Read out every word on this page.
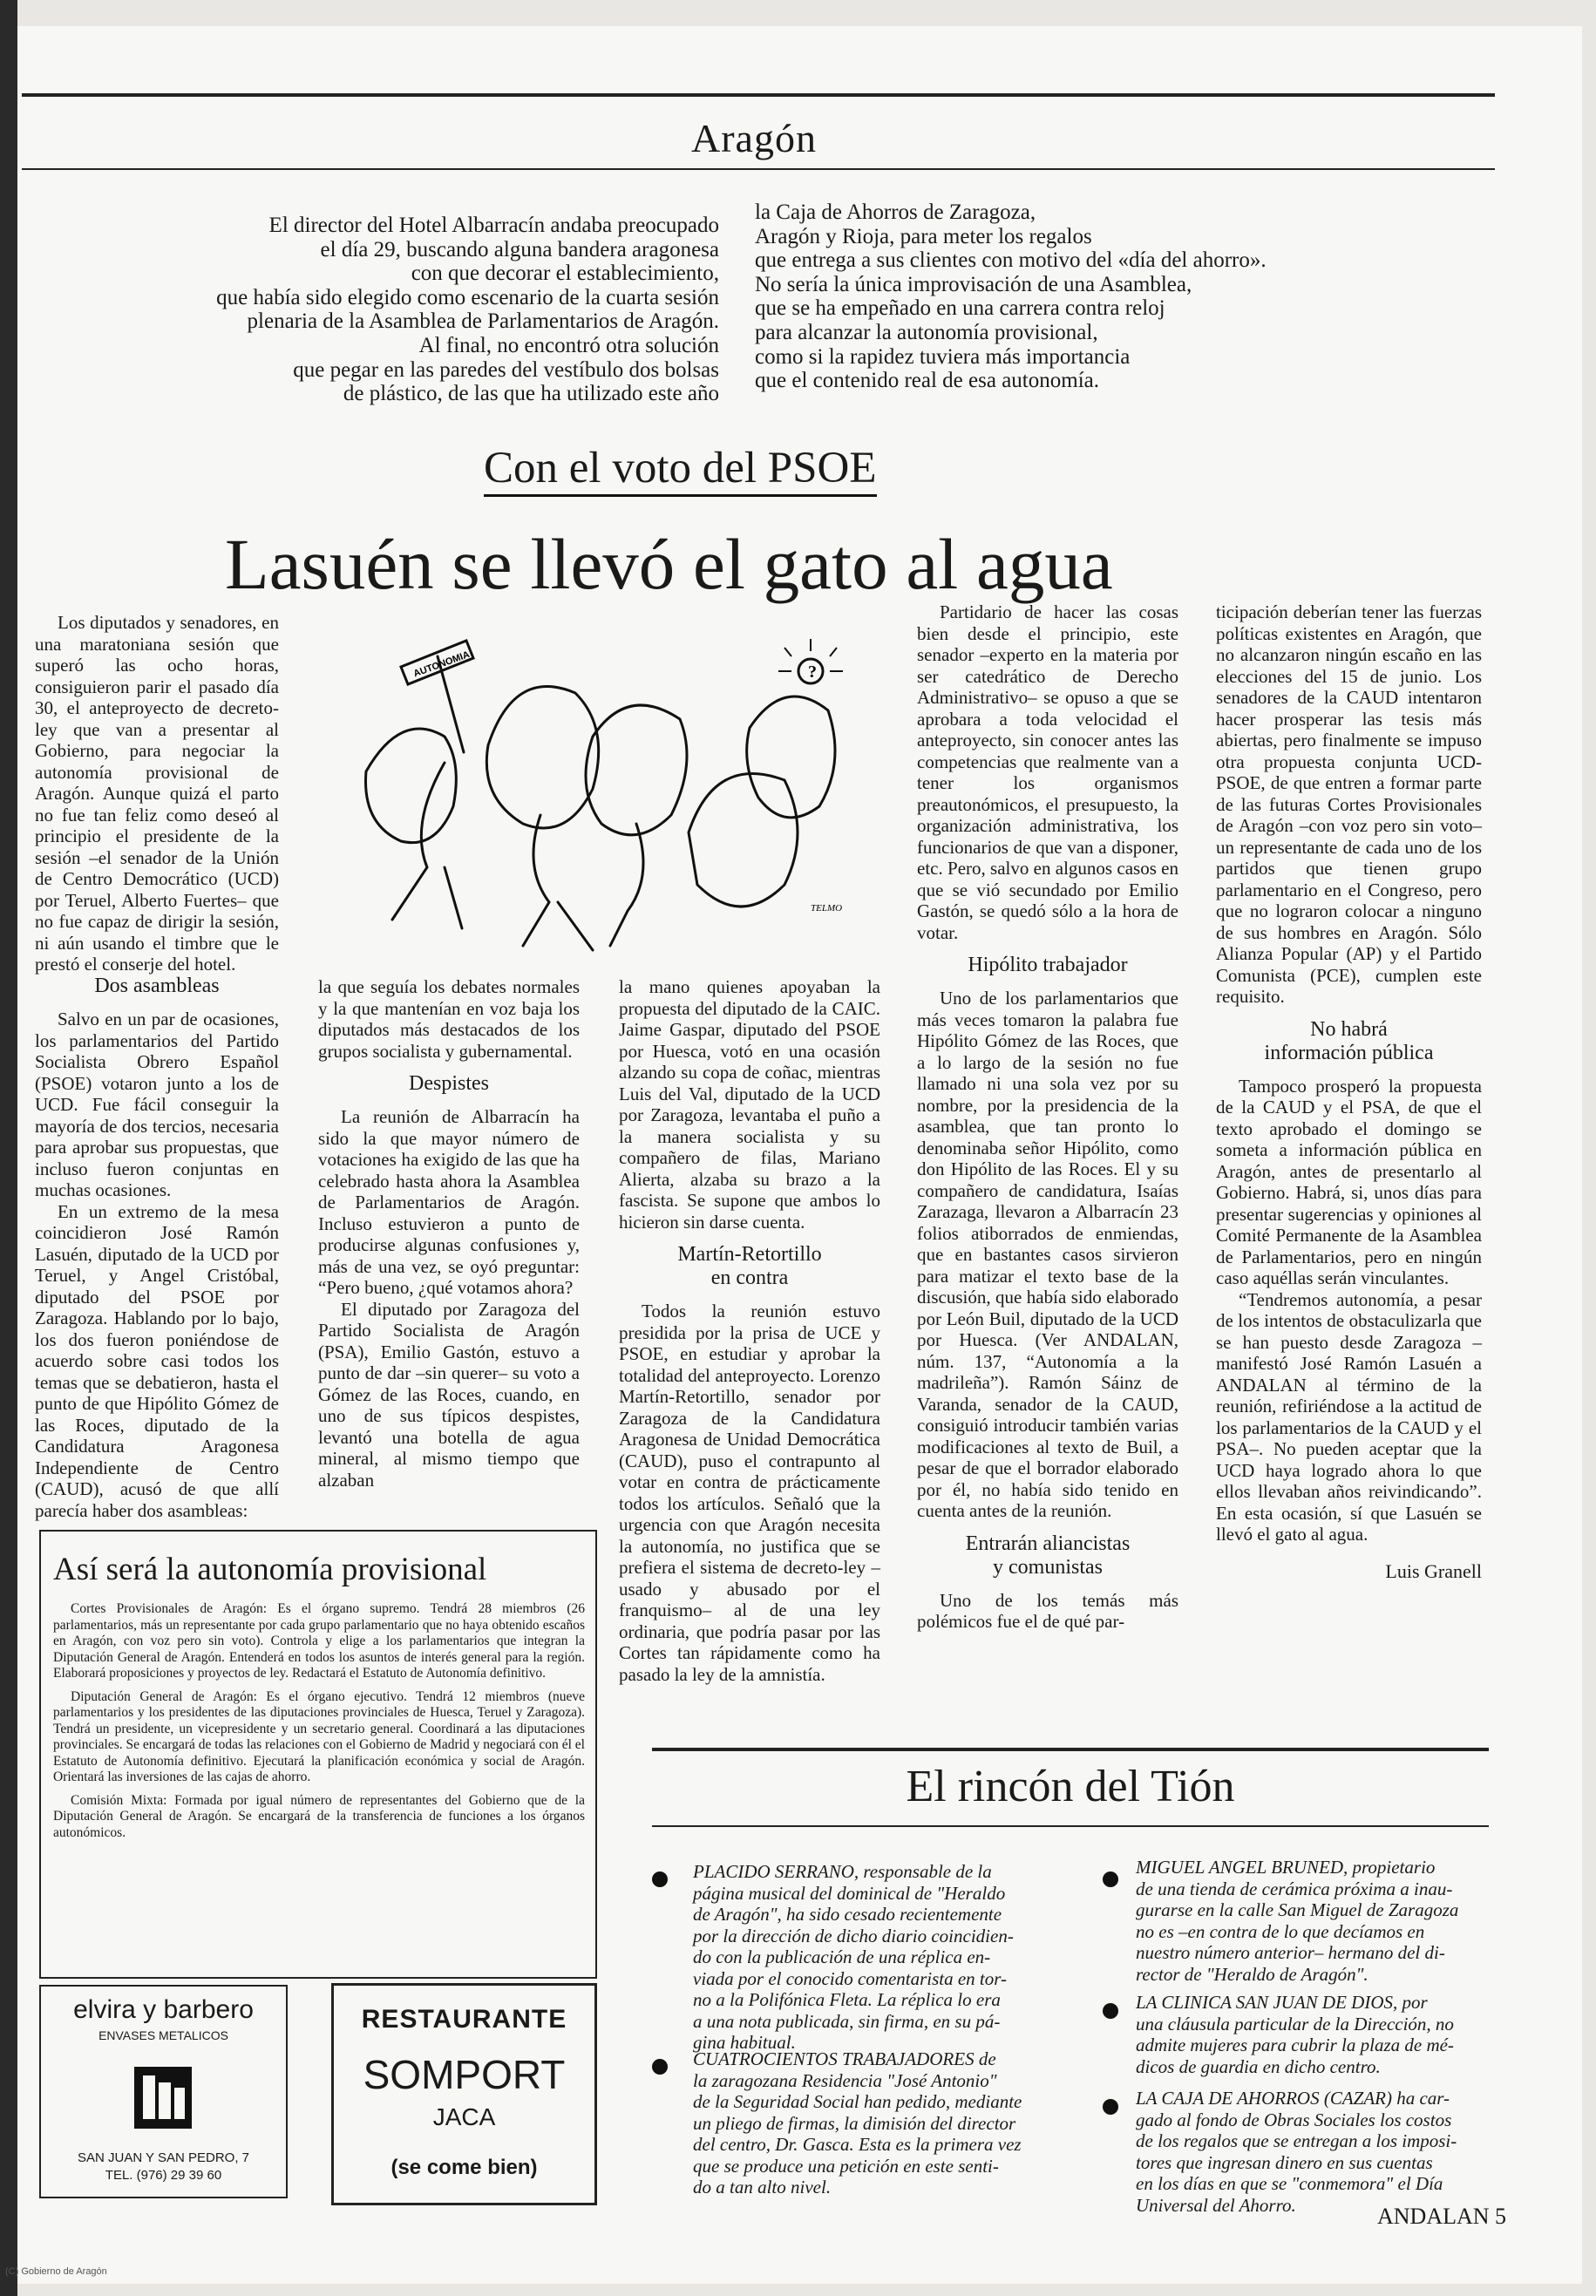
Aragón
El director del Hotel Albarracín andaba preocupado
el día 29, buscando alguna bandera aragonesa
con que decorar el establecimiento,
que había sido elegido como escenario de la cuarta sesión
plenaria de la Asamblea de Parlamentarios de Aragón.
Al final, no encontró otra solución
que pegar en las paredes del vestíbulo dos bolsas
de plástico, de las que ha utilizado este año
la Caja de Ahorros de Zaragoza,
Aragón y Rioja, para meter los regalos
que entrega a sus clientes con motivo del «día del ahorro».
No sería la única improvisación de una Asamblea,
que se ha empeñado en una carrera contra reloj
para alcanzar la autonomía provisional,
como si la rapidez tuviera más importancia
que el contenido real de esa autonomía.
Con el voto del PSOE
Lasuén se llevó el gato al agua

Los diputados y senadores, en una maratoniana sesión que superó las ocho horas, consiguieron parir el pasado día 30, el anteproyecto de decreto-ley que van a presentar al Gobierno, para negociar la autonomía provisional de Aragón. Aunque quizá el parto no fue tan feliz como deseó al principio el presidente de la sesión –el senador de la Unión de Centro Democrático (UCD) por Teruel, Alberto Fuertes– que no fue capaz de dirigir la sesión, ni aún usando el timbre que le prestó el conserje del hotel.

?
AUTONOMIA
TELMO
Dos asambleas

Salvo en un par de ocasiones, los parlamentarios del Partido Socialista Obrero Español (PSOE) votaron junto a los de UCD. Fue fácil conseguir la mayoría de dos tercios, necesaria para aprobar sus propuestas, que incluso fueron conjuntas en muchas ocasiones.

En un extremo de la mesa coincidieron José Ramón Lasuén, diputado de la UCD por Teruel, y Angel Cristóbal, diputado del PSOE por Zaragoza. Hablando por lo bajo, los dos fueron poniéndose de acuerdo sobre casi todos los temas que se debatieron, hasta el punto de que Hipólito Gómez de las Roces, diputado de la Candidatura Aragonesa Independiente de Centro (CAUD), acusó de que allí parecía haber dos asambleas:

la que seguía los debates normales y la que mantenían en voz baja los diputados más destacados de los grupos socialista y gubernamental.

Despistes

La reunión de Albarracín ha sido la que mayor número de votaciones ha exigido de las que ha celebrado hasta ahora la Asamblea de Parlamentarios de Aragón. Incluso estuvieron a punto de producirse algunas confusiones y, más de una vez, se oyó preguntar: “Pero bueno, ¿qué votamos ahora?

El diputado por Zaragoza del Partido Socialista de Aragón (PSA), Emilio Gastón, estuvo a punto de dar –sin querer– su voto a Gómez de las Roces, cuando, en uno de sus típicos despistes, levantó una botella de agua mineral, al mismo tiempo que alzaban

la mano quienes apoyaban la propuesta del diputado de la CAIC. Jaime Gaspar, diputado del PSOE por Huesca, votó en una ocasión alzando su copa de coñac, mientras Luis del Val, diputado de la UCD por Zaragoza, levantaba el puño a la manera socialista y su compañero de filas, Mariano Alierta, alzaba su brazo a la fascista. Se supone que ambos lo hicieron sin darse cuenta.

Martín-Retortillo
en contra

Todos la reunión estuvo presidida por la prisa de UCE y PSOE, en estudiar y aprobar la totalidad del anteproyecto. Lorenzo Martín-Retortillo, senador por Zaragoza de la Candidatura Aragonesa de Unidad Democrática (CAUD), puso el contrapunto al votar en contra de prácticamente todos los artículos. Señaló que la urgencia con que Aragón necesita la autonomía, no justifica que se prefiera el sistema de decreto-ley –usado y abusado por el franquismo– al de una ley ordinaria, que podría pasar por las Cortes tan rápidamente como ha pasado la ley de la amnistía.

Partidario de hacer las cosas bien desde el principio, este senador –experto en la materia por ser catedrático de Derecho Administrativo– se opuso a que se aprobara a toda velocidad el anteproyecto, sin conocer antes las competencias que realmente van a tener los organismos preautonómicos, el presupuesto, la organización administrativa, los funcionarios de que van a disponer, etc. Pero, salvo en algunos casos en que se vió secundado por Emilio Gastón, se quedó sólo a la hora de votar.

Hipólito trabajador

Uno de los parlamentarios que más veces tomaron la palabra fue Hipólito Gómez de las Roces, que a lo largo de la sesión no fue llamado ni una sola vez por su nombre, por la presidencia de la asamblea, que tan pronto lo denominaba señor Hipólito, como don Hipólito de las Roces. El y su compañero de candidatura, Isaías Zarazaga, llevaron a Albarracín 23 folios atiborrados de enmiendas, que en bastantes casos sirvieron para matizar el texto base de la discusión, que había sido elaborado por León Buil, diputado de la UCD por Huesca. (Ver ANDALAN, núm. 137, “Autonomía a la madrileña”). Ramón Sáinz de Varanda, senador de la CAUD, consiguió introducir también varias modificaciones al texto de Buil, a pesar de que el borrador elaborado por él, no había sido tenido en cuenta antes de la reunión.

Entrarán aliancistas
y comunistas

Uno de los temás más polémicos fue el de qué par-

ticipación deberían tener las fuerzas políticas existentes en Aragón, que no alcanzaron ningún escaño en las elecciones del 15 de junio. Los senadores de la CAUD intentaron hacer prosperar las tesis más abiertas, pero finalmente se impuso otra propuesta conjunta UCD-PSOE, de que entren a formar parte de las futuras Cortes Provisionales de Aragón –con voz pero sin voto– un representante de cada uno de los partidos que tienen grupo parlamentario en el Congreso, pero que no lograron colocar a ninguno de sus hombres en Aragón. Sólo Alianza Popular (AP) y el Partido Comunista (PCE), cumplen este requisito.

No habrá
información pública

Tampoco prosperó la propuesta de la CAUD y el PSA, de que el texto aprobado el domingo se someta a información pública en Aragón, antes de presentarlo al Gobierno. Habrá, si, unos días para presentar sugerencias y opiniones al Comité Permanente de la Asamblea de Parlamentarios, pero en ningún caso aquéllas serán vinculantes.

“Tendremos autonomía, a pesar de los intentos de obstaculizarla que se han puesto desde Zaragoza –manifestó José Ramón Lasuén a ANDALAN al término de la reunión, refiriéndose a la actitud de los parlamentarios de la CAUD y el PSA–. No pueden aceptar que la UCD haya logrado ahora lo que ellos llevaban años reivindicando”. En esta ocasión, sí que Lasuén se llevó el gato al agua.

Luis Granell
Así será la autonomía provisional

Cortes Provisionales de Aragón: Es el órgano supremo. Tendrá 28 miembros (26 parlamentarios, más un representante por cada grupo parlamentario que no haya obtenido escaños en Aragón, con voz pero sin voto). Controla y elige a los parlamentarios que integran la Diputación General de Aragón. Entenderá en todos los asuntos de interés general para la región. Elaborará proposiciones y proyectos de ley. Redactará el Estatuto de Autonomía definitivo.

Diputación General de Aragón: Es el órgano ejecutivo. Tendrá 12 miembros (nueve parlamentarios y los presidentes de las diputaciones provinciales de Huesca, Teruel y Zaragoza). Tendrá un presidente, un vicepresidente y un secretario general. Coordinará a las diputaciones provinciales. Se encargará de todas las relaciones con el Gobierno de Madrid y negociará con él el Estatuto de Autonomía definitivo. Ejecutará la planificación económica y social de Aragón. Orientará las inversiones de las cajas de ahorro.

Comisión Mixta: Formada por igual número de representantes del Gobierno que de la Diputación General de Aragón. Se encargará de la transferencia de funciones a los órganos autonómicos.

elvira y barbero
ENVASES METALICOS
SAN JUAN Y SAN PEDRO, 7
TEL. (976) 29 39 60
RESTAURANTE
SOMPORT
JACA
(se come bien)
El rincón del Tión
PLACIDO SERRANO, responsable de la
página musical del dominical de "Heraldo
de Aragón", ha sido cesado recientemente
por la dirección de dicho diario coincidien-
do con la publicación de una réplica en-
viada por el conocido comentarista en tor-
no a la Polifónica Fleta. La réplica lo era
a una nota publicada, sin firma, en su pá-
gina habitual.
CUATROCIENTOS TRABAJADORES de
la zaragozana Residencia "José Antonio"
de la Seguridad Social han pedido, mediante
un pliego de firmas, la dimisión del director
del centro, Dr. Gasca. Esta es la primera vez
que se produce una petición en este senti-
do a tan alto nivel.
MIGUEL ANGEL BRUNED, propietario
de una tienda de cerámica próxima a inau-
gurarse en la calle San Miguel de Zaragoza
no es –en contra de lo que decíamos en
nuestro número anterior– hermano del di-
rector de "Heraldo de Aragón".
LA CLINICA SAN JUAN DE DIOS, por
una cláusula particular de la Dirección, no
admite mujeres para cubrir la plaza de mé-
dicos de guardia en dicho centro.
LA CAJA DE AHORROS (CAZAR) ha car-
gado al fondo de Obras Sociales los costos
de los regalos que se entregan a los imposi-
tores que ingresan dinero en sus cuentas
en los días en que se "conmemora" el Día
Universal del Ahorro.	ANDALAN 5
(C) Gobierno de Aragón
